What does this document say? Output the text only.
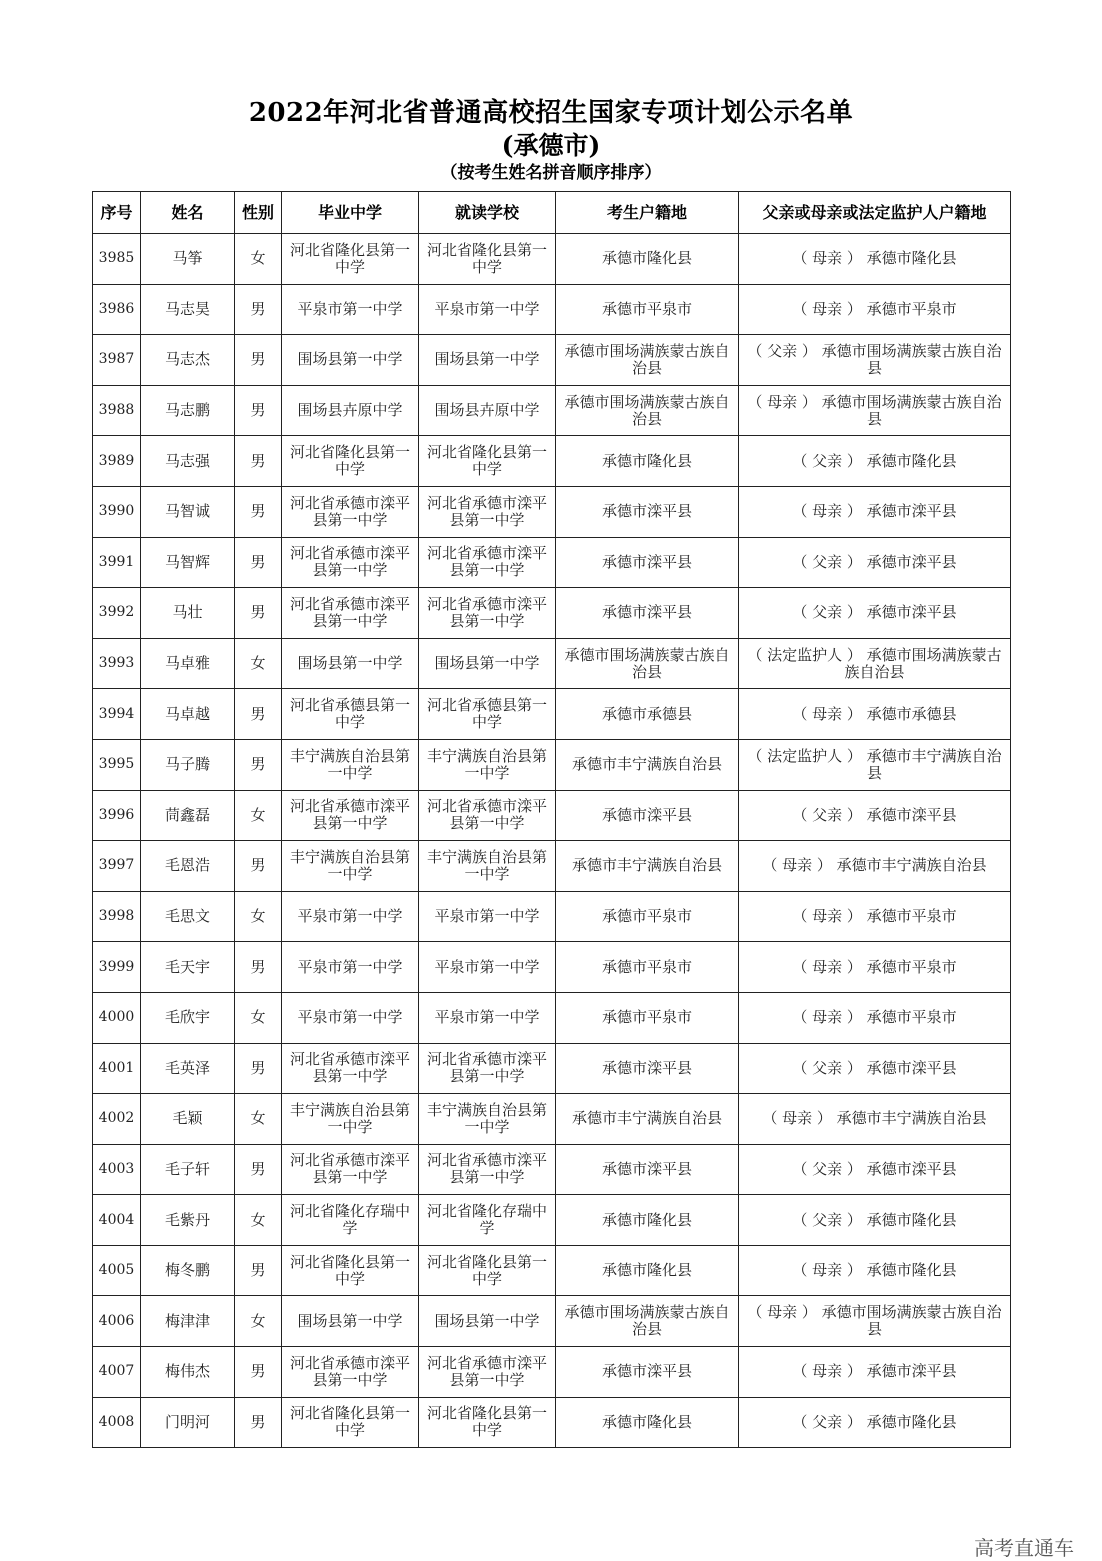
2022年河北省普通高校招生国家专项计划公示名单
(承德市)
（按考生姓名拼音顺序排序）
序号	姓名	性别	毕业中学	就读学校	考生户籍地	父亲或母亲或法定监护人户籍地
3985	马筝	女	河北省隆化县第一中学	河北省隆化县第一中学	承德市隆化县	（ 母亲 ） 承德市隆化县
3986	马志昊	男	平泉市第一中学	平泉市第一中学	承德市平泉市	（ 母亲 ） 承德市平泉市
3987	马志杰	男	围场县第一中学	围场县第一中学	承德市围场满族蒙古族自治县	（ 父亲 ） 承德市围场满族蒙古族自治县
3988	马志鹏	男	围场县卉原中学	围场县卉原中学	承德市围场满族蒙古族自治县	（ 母亲 ） 承德市围场满族蒙古族自治县
3989	马志强	男	河北省隆化县第一中学	河北省隆化县第一中学	承德市隆化县	（ 父亲 ） 承德市隆化县
3990	马智诚	男	河北省承德市滦平县第一中学	河北省承德市滦平县第一中学	承德市滦平县	（ 母亲 ） 承德市滦平县
3991	马智辉	男	河北省承德市滦平县第一中学	河北省承德市滦平县第一中学	承德市滦平县	（ 父亲 ） 承德市滦平县
3992	马壮	男	河北省承德市滦平县第一中学	河北省承德市滦平县第一中学	承德市滦平县	（ 父亲 ） 承德市滦平县
3993	马卓雅	女	围场县第一中学	围场县第一中学	承德市围场满族蒙古族自治县	（ 法定监护人 ） 承德市围场满族蒙古族自治县
3994	马卓越	男	河北省承德县第一中学	河北省承德县第一中学	承德市承德县	（ 母亲 ） 承德市承德县
3995	马子腾	男	丰宁满族自治县第一中学	丰宁满族自治县第一中学	承德市丰宁满族自治县	（ 法定监护人 ） 承德市丰宁满族自治县
3996	茼鑫磊	女	河北省承德市滦平县第一中学	河北省承德市滦平县第一中学	承德市滦平县	（ 父亲 ） 承德市滦平县
3997	毛恩浩	男	丰宁满族自治县第一中学	丰宁满族自治县第一中学	承德市丰宁满族自治县	（ 母亲 ） 承德市丰宁满族自治县
3998	毛思文	女	平泉市第一中学	平泉市第一中学	承德市平泉市	（ 母亲 ） 承德市平泉市
3999	毛天宇	男	平泉市第一中学	平泉市第一中学	承德市平泉市	（ 母亲 ） 承德市平泉市
4000	毛欣宇	女	平泉市第一中学	平泉市第一中学	承德市平泉市	（ 母亲 ） 承德市平泉市
4001	毛英泽	男	河北省承德市滦平县第一中学	河北省承德市滦平县第一中学	承德市滦平县	（ 父亲 ） 承德市滦平县
4002	毛颖	女	丰宁满族自治县第一中学	丰宁满族自治县第一中学	承德市丰宁满族自治县	（ 母亲 ） 承德市丰宁满族自治县
4003	毛子轩	男	河北省承德市滦平县第一中学	河北省承德市滦平县第一中学	承德市滦平县	（ 父亲 ） 承德市滦平县
4004	毛紫丹	女	河北省隆化存瑞中学	河北省隆化存瑞中学	承德市隆化县	（ 父亲 ） 承德市隆化县
4005	梅冬鹏	男	河北省隆化县第一中学	河北省隆化县第一中学	承德市隆化县	（ 母亲 ） 承德市隆化县
4006	梅津津	女	围场县第一中学	围场县第一中学	承德市围场满族蒙古族自治县	（ 母亲 ） 承德市围场满族蒙古族自治县
4007	梅伟杰	男	河北省承德市滦平县第一中学	河北省承德市滦平县第一中学	承德市滦平县	（ 母亲 ） 承德市滦平县
4008	门明河	男	河北省隆化县第一中学	河北省隆化县第一中学	承德市隆化县	（ 父亲 ） 承德市隆化县
高考直通车
